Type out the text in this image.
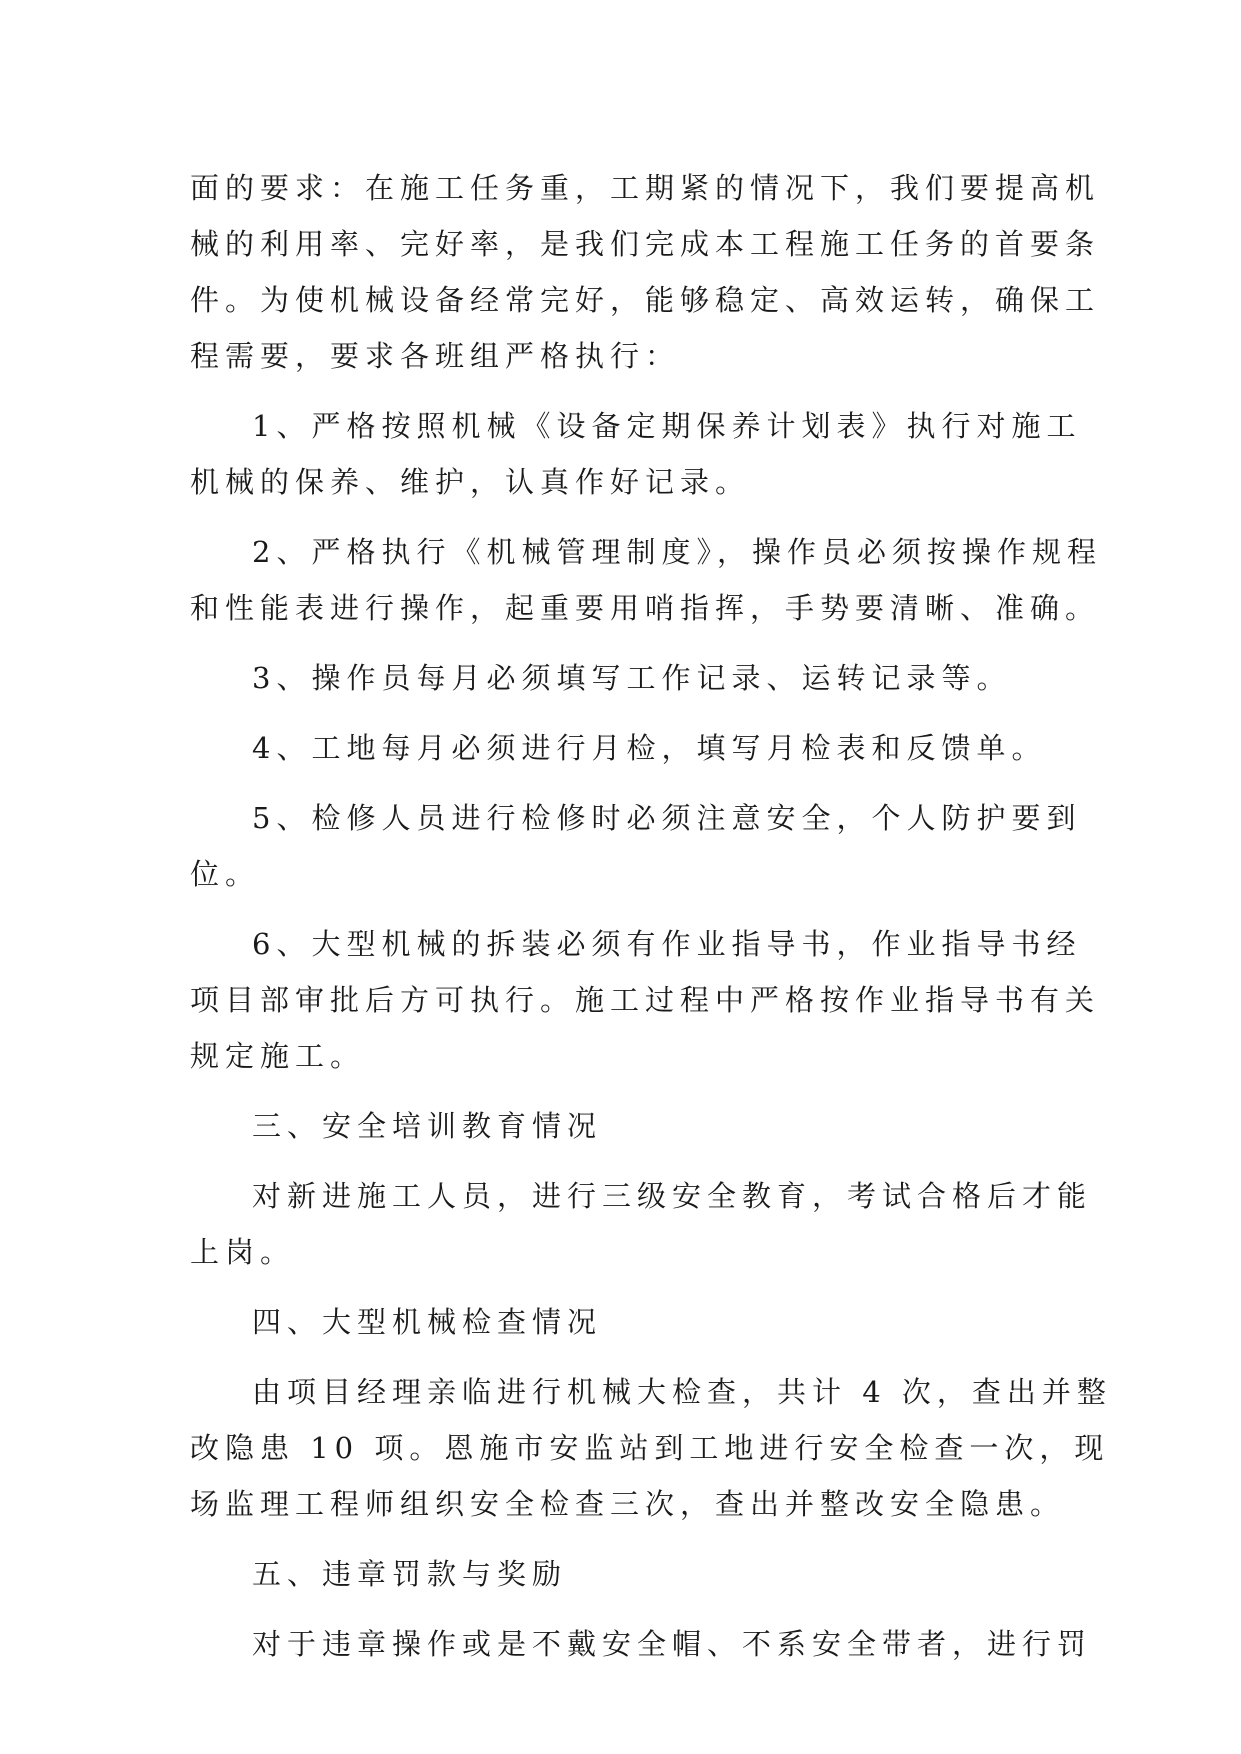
面的要求：在施工任务重，工期紧的情况下，我们要提高机
械的利用率、完好率，是我们完成本工程施工任务的首要条
件。为使机械设备经常完好，能够稳定、高效运转，确保工
程需要，要求各班组严格执行：
1、严格按照机械《设备定期保养计划表》执行对施工
机械的保养、维护，认真作好记录。
2、严格执行《机械管理制度》，操作员必须按操作规程
和性能表进行操作，起重要用哨指挥，手势要清晰、准确。
3、操作员每月必须填写工作记录、运转记录等。
4、工地每月必须进行月检，填写月检表和反馈单。
5、检修人员进行检修时必须注意安全，个人防护要到
位。
6、大型机械的拆装必须有作业指导书，作业指导书经
项目部审批后方可执行。施工过程中严格按作业指导书有关
规定施工。
三、安全培训教育情况
对新进施工人员，进行三级安全教育，考试合格后才能
上岗。
四、大型机械检查情况
由项目经理亲临进行机械大检查，共计 4 次，查出并整
改隐患 10 项。恩施市安监站到工地进行安全检查一次，现
场监理工程师组织安全检查三次，查出并整改安全隐患。
五、违章罚款与奖励
对于违章操作或是不戴安全帽、不系安全带者，进行罚
